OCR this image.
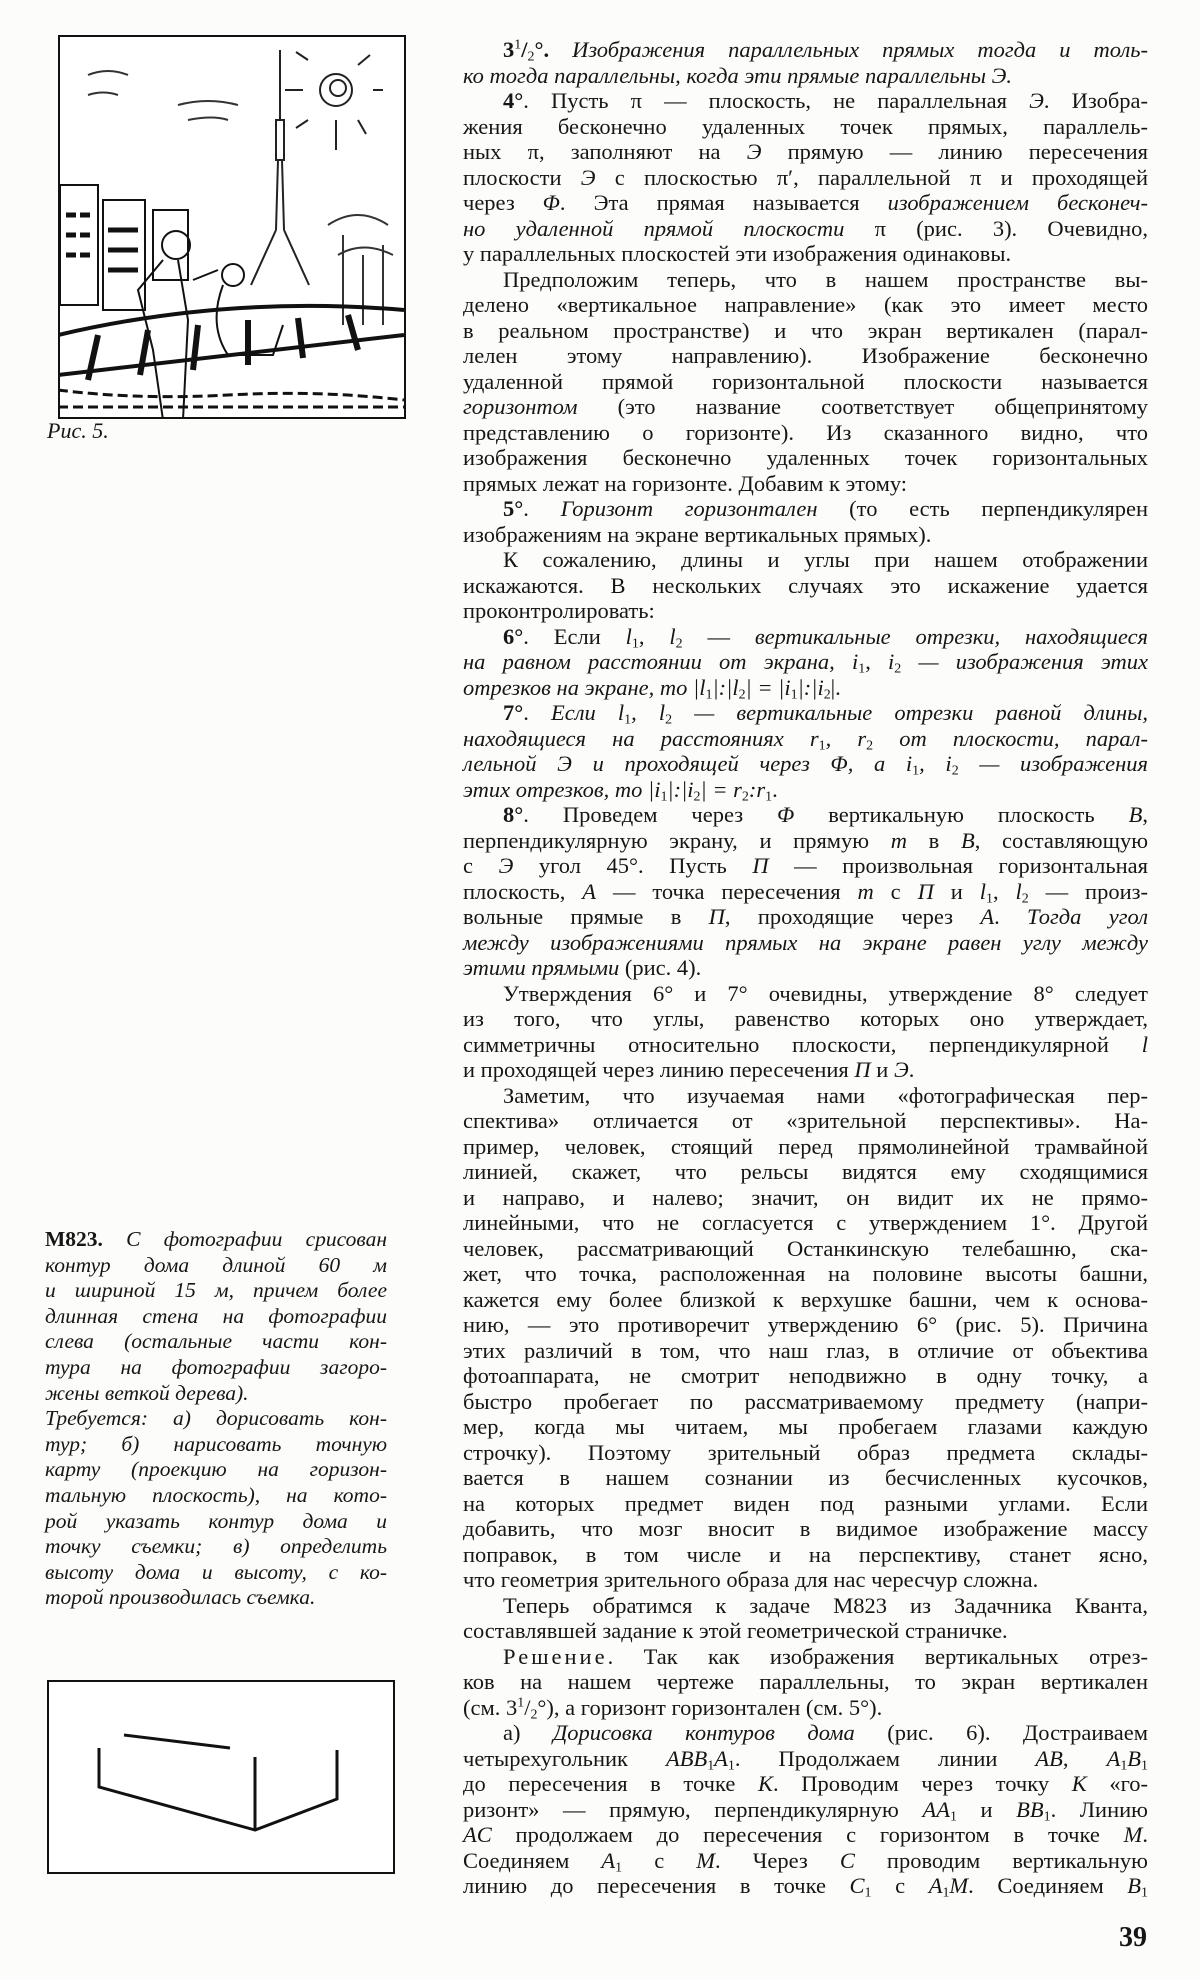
Рис. 5.
M823. С фотографии срисован
контур дома длиной 60 м
и шириной 15 м, причем более
длинная стена на фотографии
слева (остальные части кон-
тура на фотографии загоро-
жены веткой дерева).
Требуется: а) дорисовать кон-
тур; б) нарисовать точную
карту (проекцию на горизон-
тальную плоскость), на кото-
рой указать контур дома и
точку съемки; в) определить
высоту дома и высоту, с ко-
торой производилась съемка.
$3^1/2^\circ$. Изображения параллельных прямых тогда и толь-
ко тогда параллельны, когда эти прямые параллельны Э.
4°. Пусть π — плоскость, не параллельная Э. Изобра-
жения бесконечно удаленных точек прямых, параллель-
ных π, заполняют на Э прямую — линию пересечения
плоскости Э с плоскостью π′, параллельной π и проходящей
через Φ. Эта прямая называется изображением бесконеч-
но удаленной прямой плоскости π (рис. 3). Очевидно,
у параллельных плоскостей эти изображения одинаковы.
Предположим теперь, что в нашем пространстве вы-
делено «вертикальное направление» (как это имеет место
в реальном пространстве) и что экран вертикален (парал-
лелен этому направлению). Изображение бесконечно
удаленной прямой горизонтальной плоскости называется
горизонтом (это название соответствует общепринятому
представлению о горизонте). Из сказанного видно, что
изображения бесконечно удаленных точек горизонтальных
прямых лежат на горизонте. Добавим к этому:
5°. Горизонт горизонтален (то есть перпендикулярен
изображениям на экране вертикальных прямых).
К сожалению, длины и углы при нашем отображении
искажаются. В нескольких случаях это искажение удается
проконтролировать:
6°. Если l1, l2 — вертикальные отрезки, находящиеся
на равном расстоянии от экрана, i1, i2 — изображения этих
отрезков на экране, то |l1|:|l2| = |i1|:|i2|.
7°. Если l1, l2 — вертикальные отрезки равной длины,
находящиеся на расстояниях r1, r2 от плоскости, парал-
лельной Э и проходящей через Φ, а i1, i2 — изображения
этих отрезков, то |i1|:|i2| = r2:r1.
8°. Проведем через Φ вертикальную плоскость B,
перпендикулярную экрану, и прямую m в B, составляющую
с Э угол 45°. Пусть П — произвольная горизонтальная
плоскость, A — точка пересечения m с П и l1, l2 — произ-
вольные прямые в П, проходящие через A. Тогда угол
между изображениями прямых на экране равен углу между
этими прямыми (рис. 4).
Утверждения 6° и 7° очевидны, утверждение 8° следует
из того, что углы, равенство которых оно утверждает,
симметричны относительно плоскости, перпендикулярной l
и проходящей через линию пересечения П и Э.
Заметим, что изучаемая нами «фотографическая пер-
спектива» отличается от «зрительной перспективы». На-
пример, человек, стоящий перед прямолинейной трамвайной
линией, скажет, что рельсы видятся ему сходящимися
и направо, и налево; значит, он видит их не прямо-
линейными, что не согласуется с утверждением 1°. Другой
человек, рассматривающий Останкинскую телебашню, ска-
жет, что точка, расположенная на половине высоты башни,
кажется ему более близкой к верхушке башни, чем к основа-
нию, — это противоречит утверждению 6° (рис. 5). Причина
этих различий в том, что наш глаз, в отличие от объектива
фотоаппарата, не смотрит неподвижно в одну точку, а
быстро пробегает по рассматриваемому предмету (напри-
мер, когда мы читаем, мы пробегаем глазами каждую
строчку). Поэтому зрительный образ предмета склады-
вается в нашем сознании из бесчисленных кусочков,
на которых предмет виден под разными углами. Если
добавить, что мозг вносит в видимое изображение массу
поправок, в том числе и на перспективу, станет ясно,
что геометрия зрительного образа для нас чересчур сложна.
Теперь обратимся к задаче M823 из Задачника Кванта,
составлявшей задание к этой геометрической страничке.
Решение. Так как изображения вертикальных отрез-
ков на нашем чертеже параллельны, то экран вертикален
(см. $3^1/2^\circ$), а горизонт горизонтален (см. 5°).
а) Дорисовка контуров дома (рис. 6). Достраиваем
четырехугольник ABB1A1. Продолжаем линии AB, A1B1
до пересечения в точке K. Проводим через точку K «го-
ризонт» — прямую, перпендикулярную AA1 и BB1. Линию
AC продолжаем до пересечения с горизонтом в точке M.
Соединяем A1 с M. Через C проводим вертикальную
линию до пересечения в точке C1 с A1M. Соединяем B1
39
